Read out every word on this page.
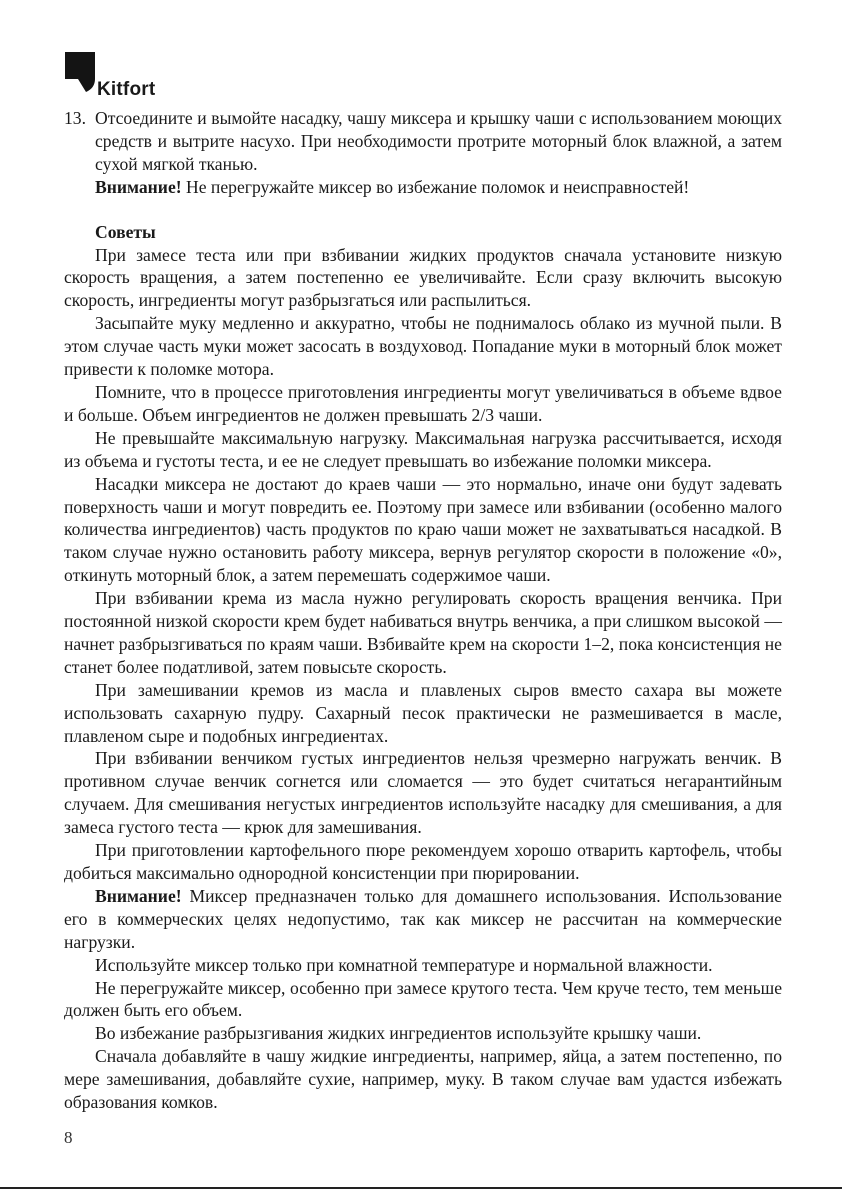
Kitfort

13. Отсоедините и вымойте насадку, чашу миксера и крышку чаши с использованием моющих средств и вытрите насухо. При необходимости протрите моторный блок влажной, а затем сухой мягкой тканью.

Внимание! Не перегружайте миксер во избежание поломок и неисправностей!

Советы

При замесе теста или при взбивании жидких продуктов сначала установите низкую скорость вращения, а затем постепенно ее увеличивайте. Если сразу включить высокую скорость, ингредиенты могут разбрызгаться или распылиться.

Засыпайте муку медленно и аккуратно, чтобы не поднималось облако из мучной пыли. В этом случае часть муки может засосать в воздуховод. Попадание муки в моторный блок может привести к поломке мотора.

Помните, что в процессе приготовления ингредиенты могут увеличиваться в объеме вдвое и больше. Объем ингредиентов не должен превышать 2/3 чаши.

Не превышайте максимальную нагрузку. Максимальная нагрузка рассчитывается, исходя из объема и густоты теста, и ее не следует превышать во избежание поломки миксера.

Насадки миксера не достают до краев чаши — это нормально, иначе они будут задевать поверхность чаши и могут повредить ее. Поэтому при замесе или взбивании (особенно малого количества ингредиентов) часть продуктов по краю чаши может не захватываться насадкой. В таком случае нужно остановить работу миксера, вернув регулятор скорости в положение «0», откинуть моторный блок, а затем перемешать содержимое чаши.

При взбивании крема из масла нужно регулировать скорость вращения венчика. При постоянной низкой скорости крем будет набиваться внутрь венчика, а при слишком высокой — начнет разбрызгиваться по краям чаши. Взбивайте крем на скорости 1–2, пока консистенция не станет более податливой, затем повысьте скорость.

При замешивании кремов из масла и плавленых сыров вместо сахара вы можете использовать сахарную пудру. Сахарный песок практически не размешивается в масле, плавленом сыре и подобных ингредиентах.

При взбивании венчиком густых ингредиентов нельзя чрезмерно нагружать венчик. В противном случае венчик согнется или сломается — это будет считаться негарантийным случаем. Для смешивания негустых ингредиентов используйте насадку для смешивания, а для замеса густого теста — крюк для замешивания.

При приготовлении картофельного пюре рекомендуем хорошо отварить картофель, чтобы добиться максимально однородной консистенции при пюрировании.

Внимание! Миксер предназначен только для домашнего использования. Использование его в коммерческих целях недопустимо, так как миксер не рассчитан на коммерческие нагрузки.

Используйте миксер только при комнатной температуре и нормальной влажности.

Не перегружайте миксер, особенно при замесе крутого теста. Чем круче тесто, тем меньше должен быть его объем.

Во избежание разбрызгивания жидких ингредиентов используйте крышку чаши.

Сначала добавляйте в чашу жидкие ингредиенты, например, яйца, а затем постепенно, по мере замешивания, добавляйте сухие, например, муку. В таком случае вам удастся избежать образования комков.

8
